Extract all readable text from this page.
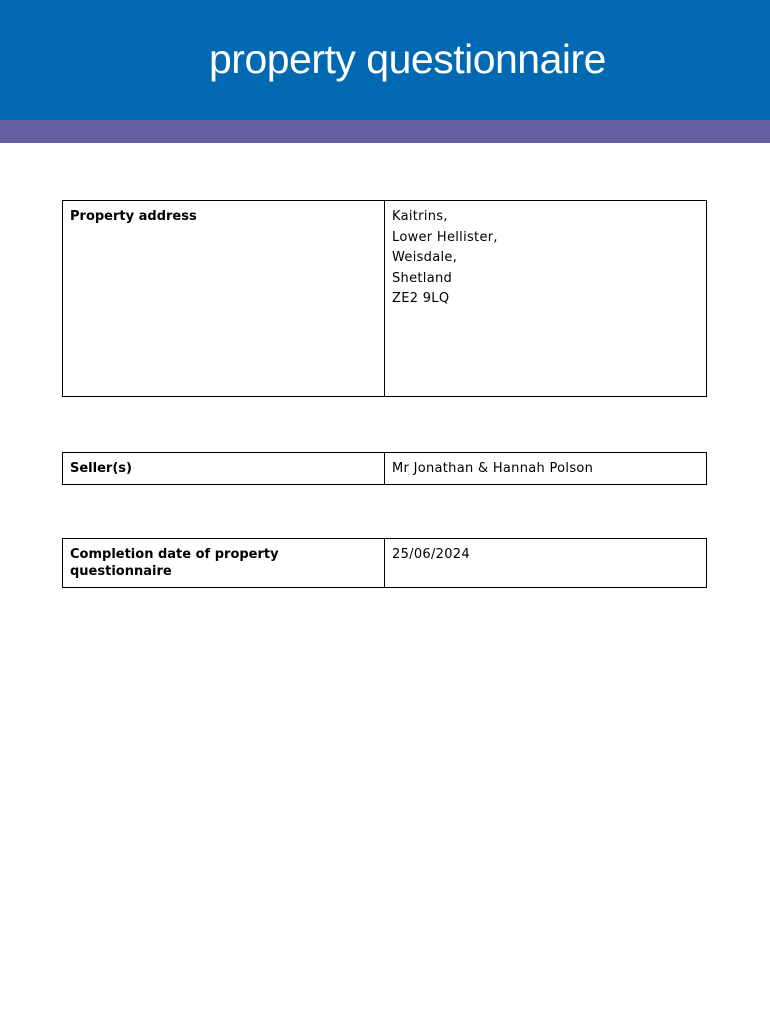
property questionnaire
Property address	Kaitrins,
Lower Hellister,
Weisdale,
Shetland
ZE2 9LQ
Seller(s)	Mr Jonathan & Hannah Polson
Completion date of property questionnaire	25/06/2024
